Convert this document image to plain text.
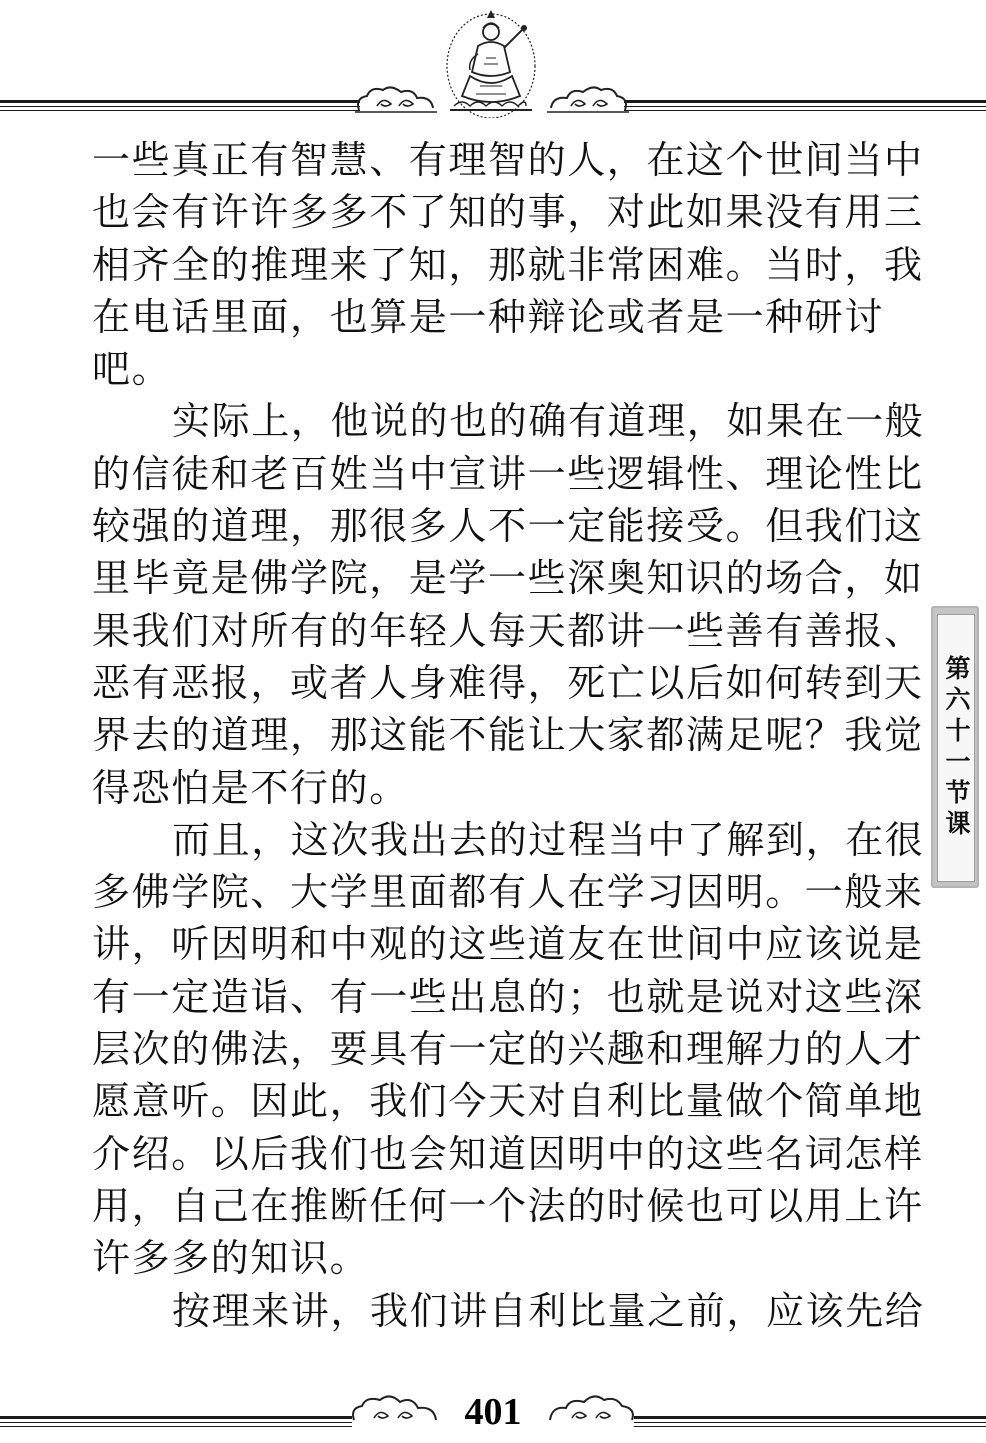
一些真正有智慧、有理智的人，在这个世间当中
也会有许许多多不了知的事，对此如果没有用三
相齐全的推理来了知，那就非常困难。当时，我
在电话里面，也算是一种辩论或者是一种研讨
吧。
实际上，他说的也的确有道理，如果在一般
的信徒和老百姓当中宣讲一些逻辑性、理论性比
较强的道理，那很多人不一定能接受。但我们这
里毕竟是佛学院，是学一些深奥知识的场合，如
果我们对所有的年轻人每天都讲一些善有善报、
恶有恶报，或者人身难得，死亡以后如何转到天
界去的道理，那这能不能让大家都满足呢？我觉
得恐怕是不行的。
而且，这次我出去的过程当中了解到，在很
多佛学院、大学里面都有人在学习因明。一般来
讲，听因明和中观的这些道友在世间中应该说是
有一定造诣、有一些出息的；也就是说对这些深
层次的佛法，要具有一定的兴趣和理解力的人才
愿意听。因此，我们今天对自利比量做个简单地
介绍。以后我们也会知道因明中的这些名词怎样
用，自己在推断任何一个法的时候也可以用上许
许多多的知识。
按理来讲，我们讲自利比量之前，应该先给
第六十一节课
401
